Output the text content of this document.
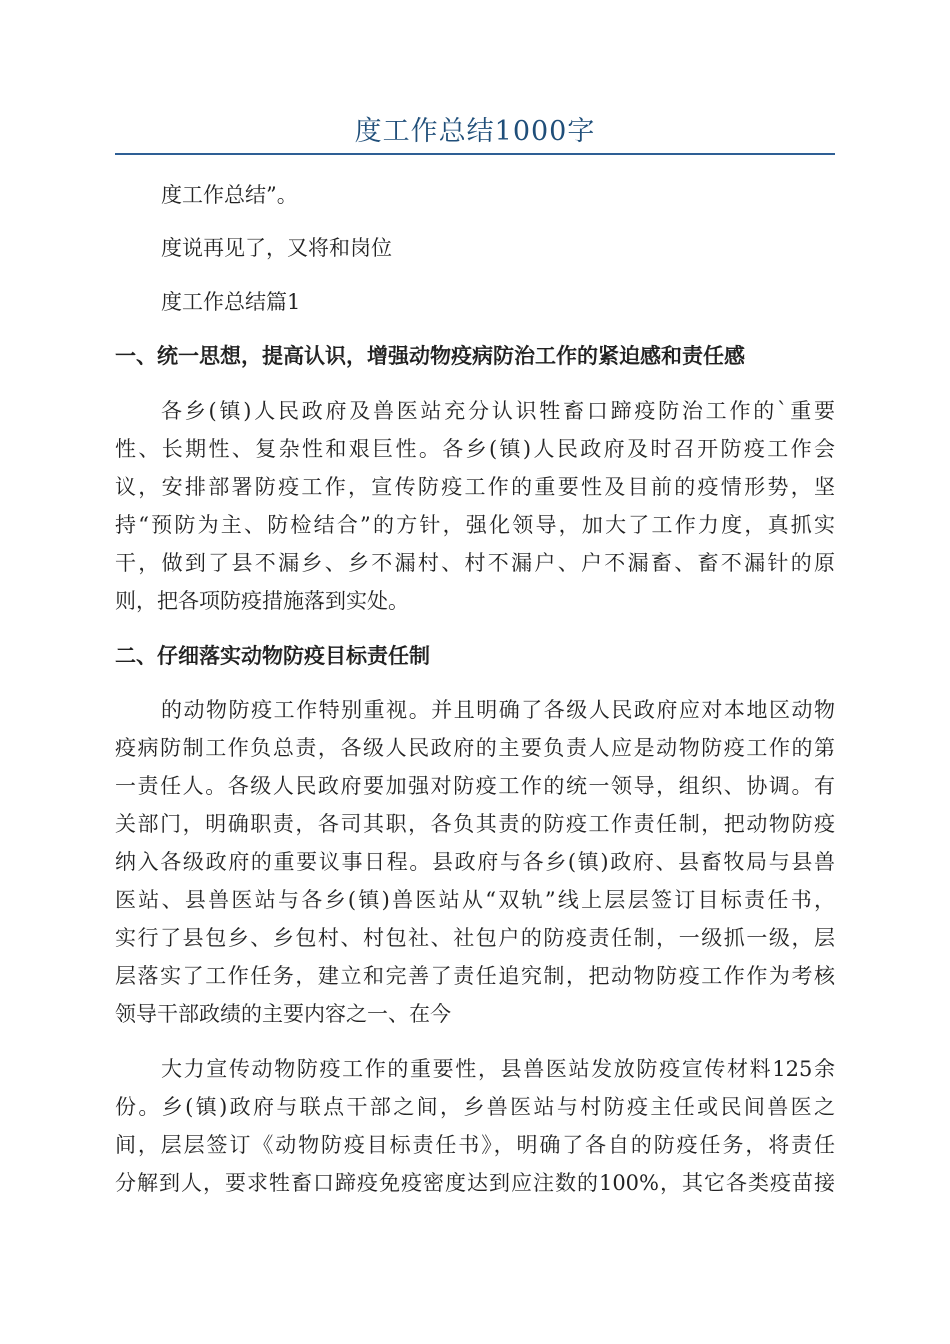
度工作总结1000字
度工作总结”。
度说再见了，又将和岗位
度工作总结篇1
一、统一思想，提高认识，增强动物疫病防治工作的紧迫感和责任感
各乡(镇)人民政府及兽医站充分认识牲畜口蹄疫防治工作的`重要
性、长期性、复杂性和艰巨性。各乡(镇)人民政府及时召开防疫工作会
议，安排部署防疫工作，宣传防疫工作的重要性及目前的疫情形势，坚
持“预防为主、防检结合”的方针，强化领导，加大了工作力度，真抓实
干，做到了县不漏乡、乡不漏村、村不漏户、户不漏畜、畜不漏针的原
则，把各项防疫措施落到实处。
二、仔细落实动物防疫目标责任制
的动物防疫工作特别重视。并且明确了各级人民政府应对本地区动物
疫病防制工作负总责，各级人民政府的主要负责人应是动物防疫工作的第
一责任人。各级人民政府要加强对防疫工作的统一领导，组织、协调。有
关部门，明确职责，各司其职，各负其责的防疫工作责任制，把动物防疫
纳入各级政府的重要议事日程。县政府与各乡(镇)政府、县畜牧局与县兽
医站、县兽医站与各乡(镇)兽医站从“双轨”线上层层签订目标责任书，
实行了县包乡、乡包村、村包社、社包户的防疫责任制，一级抓一级，层
层落实了工作任务，建立和完善了责任追究制，把动物防疫工作作为考核
领导干部政绩的主要内容之一、在今
大力宣传动物防疫工作的重要性，县兽医站发放防疫宣传材料125余
份。乡(镇)政府与联点干部之间，乡兽医站与村防疫主任或民间兽医之
间，层层签订《动物防疫目标责任书》，明确了各自的防疫任务，将责任
分解到人，要求牲畜口蹄疫免疫密度达到应注数的100%，其它各类疫苗接
